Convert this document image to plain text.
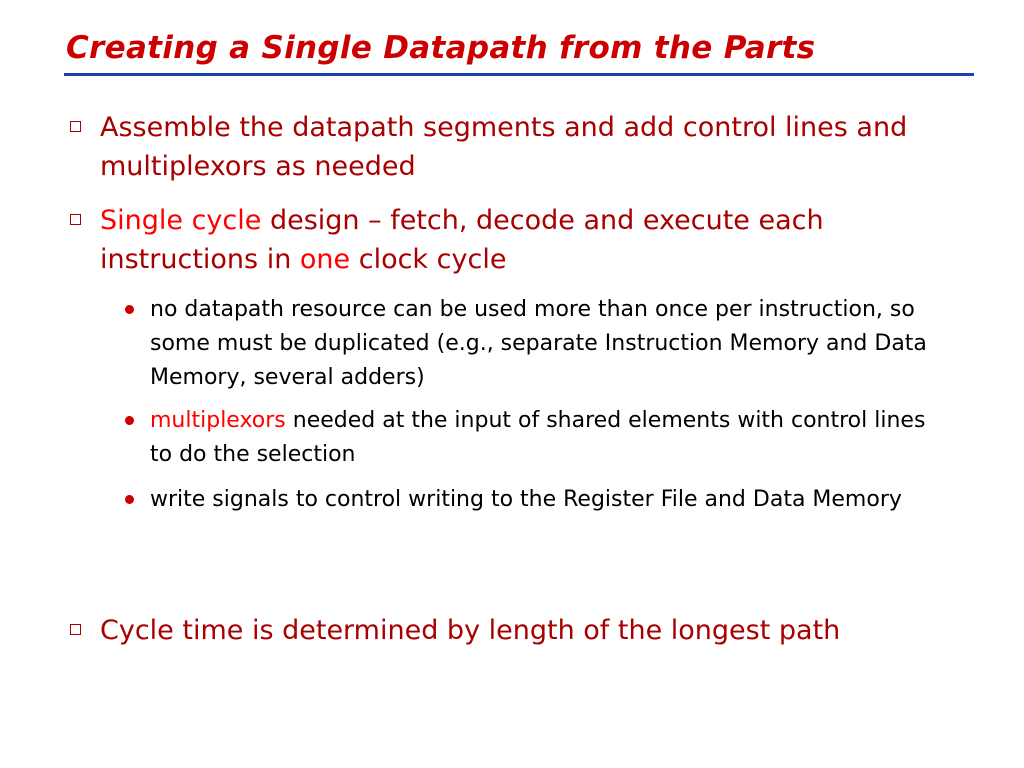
Creating a Single Datapath from the Parts
Assemble the datapath segments and add control lines and multiplexors as needed
Single cycle design – fetch, decode and execute each instructions in one clock cycle
no datapath resource can be used more than once per instruction, so some must be duplicated (e.g., separate Instruction Memory and Data Memory, several adders)
multiplexors needed at the input of shared elements with control lines to do the selection
write signals to control writing to the Register File and Data Memory
Cycle time is determined by length of the longest path
